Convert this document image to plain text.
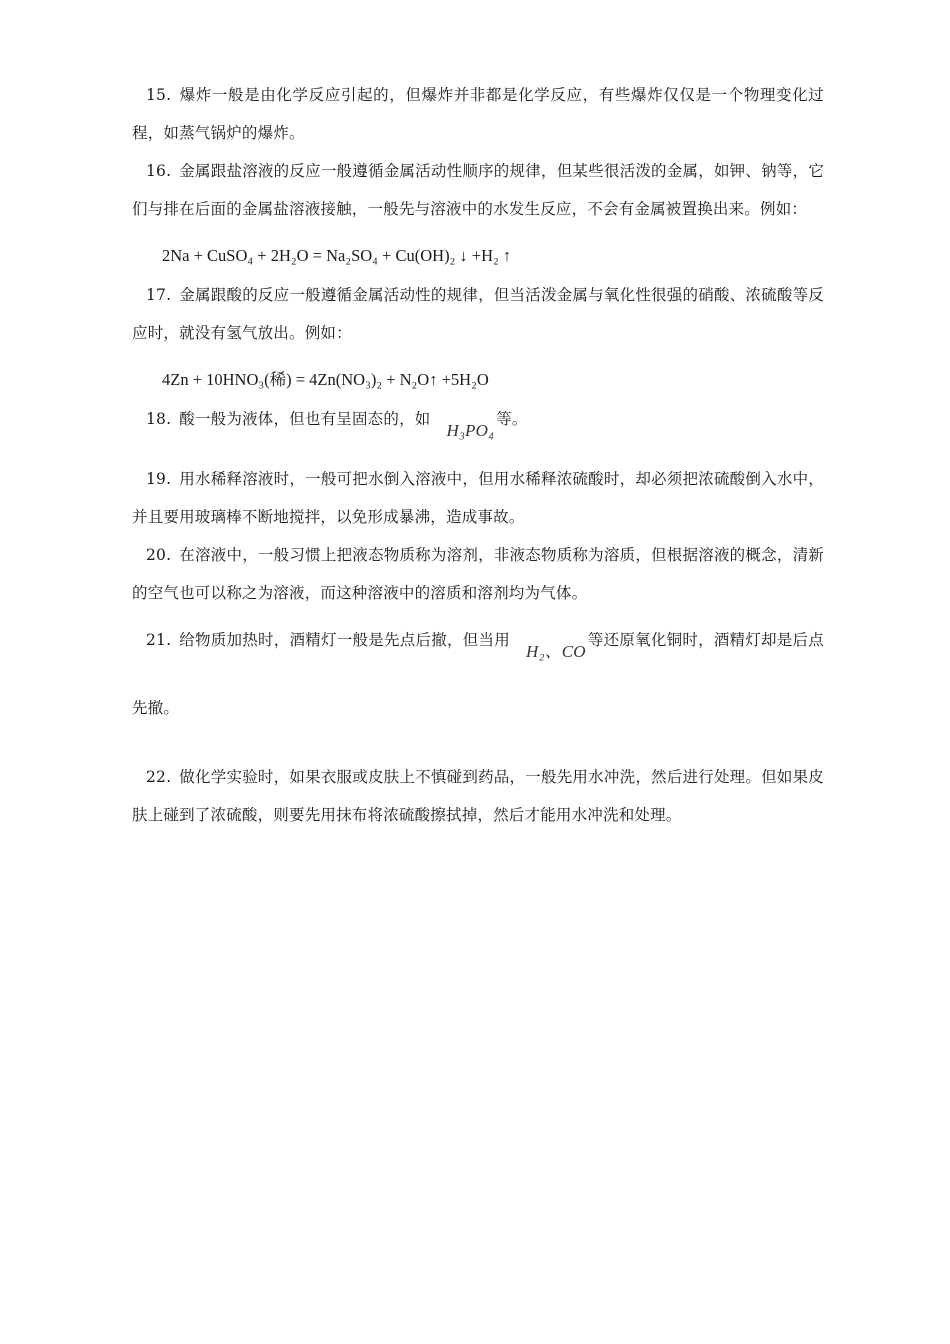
15. 爆炸一般是由化学反应引起的，但爆炸并非都是化学反应，有些爆炸仅仅是一个物理变化过程，如蒸气锅炉的爆炸。

16. 金属跟盐溶液的反应一般遵循金属活动性顺序的规律，但某些很活泼的金属，如钾、钠等，它们与排在后面的金属盐溶液接触，一般先与溶液中的水发生反应，不会有金属被置换出来。例如：

2Na + CuSO₄ + 2H₂O = Na₂SO₄ + Cu(OH)₂ ↓ +H₂ ↑

17. 金属跟酸的反应一般遵循金属活动性的规律，但当活泼金属与氧化性很强的硝酸、浓硫酸等反应时，就没有氢气放出。例如：

4Zn + 10HNO₃(稀) = 4Zn(NO₃)₂ + N₂O↑ +5H₂O

18. 酸一般为液体，但也有呈固态的，如H₃PO₄等。

19. 用水稀释溶液时，一般可把水倒入溶液中，但用水稀释浓硫酸时，却必须把浓硫酸倒入水中，并且要用玻璃棒不断地搅拌，以免形成暴沸，造成事故。

20. 在溶液中，一般习惯上把液态物质称为溶剂，非液态物质称为溶质，但根据溶液的概念，清新的空气也可以称之为溶液，而这种溶液中的溶质和溶剂均为气体。

21. 给物质加热时，酒精灯一般是先点后撤，但当用H₂、CO等还原氧化铜时，酒精灯却是后点先撤。

22. 做化学实验时，如果衣服或皮肤上不慎碰到药品，一般先用水冲洗，然后进行处理。但如果皮肤上碰到了浓硫酸，则要先用抹布将浓硫酸擦拭掉，然后才能用水冲洗和处理。
